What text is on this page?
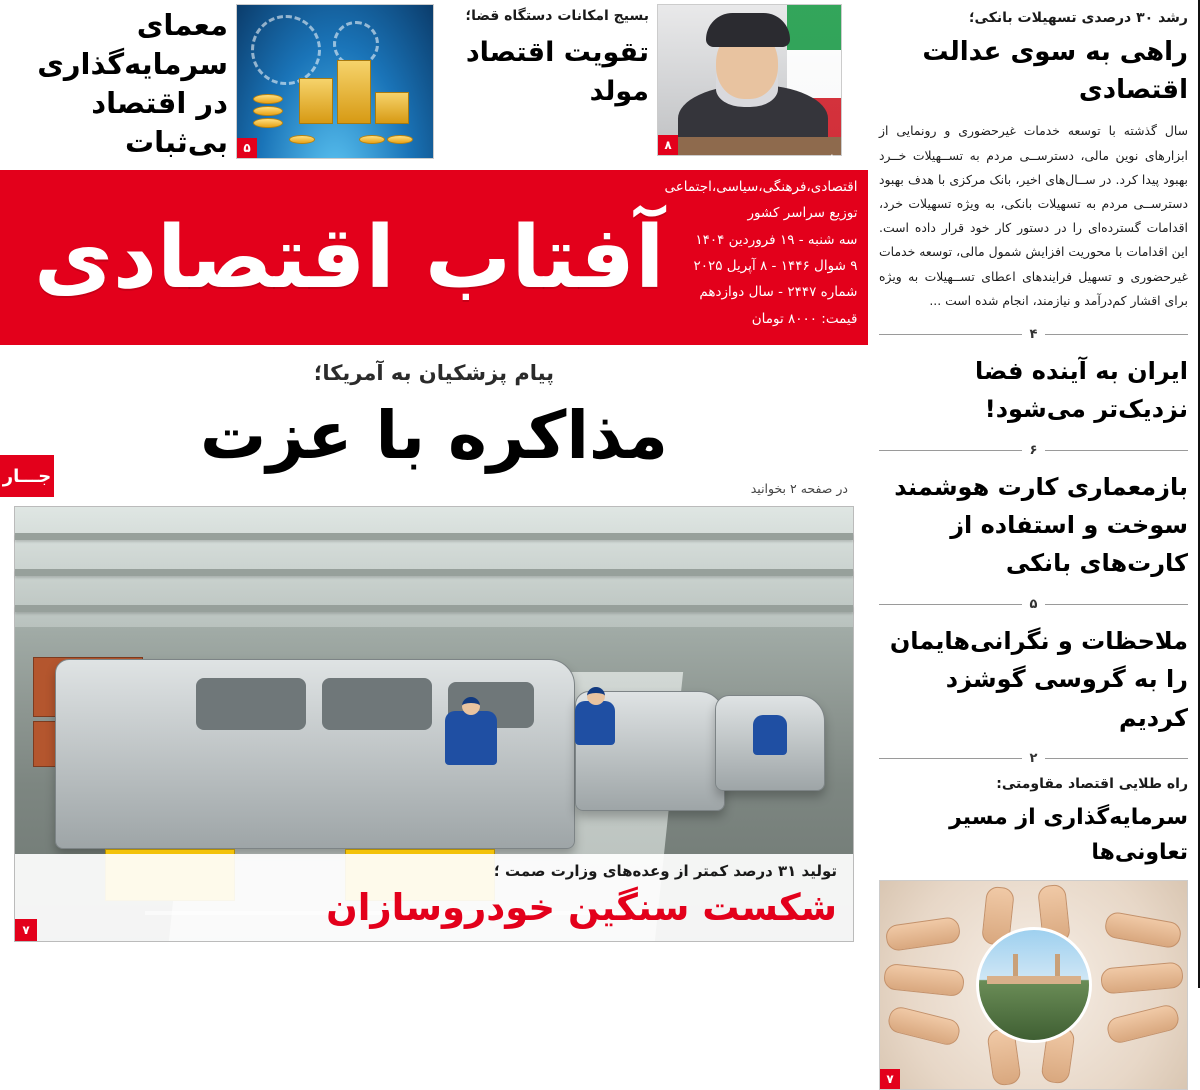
معمای سرمایه‌گذاری در اقتصاد بی‌ثبات	۵
بسیج امکانات دستگاه قضا؛
تقویت اقتصاد مولد
۸
آفتاب اقتصادی
روزنامه اقتصادی،فرهنگی،سیاسی،اجتماعی
توزیع سراسر کشور
سه شنبه - ۱۹ فروردین ۱۴۰۴
۹ شوال ۱۴۴۶ - ۸ آپریل ۲۰۲۵
شماره ۲۴۴۷ - سال دوازدهم
قیمت: ۸۰۰۰ تومان
aftabeghtesadi24.ir
پیام پزشکیان به آمریکا؛
مذاکره با عزت
در صفحه ۲ بخوانید
جـــار
تولید ۳۱ درصد کمتر از وعده‌های وزارت صمت ؛
شکست سنگین خودروسازان
۷
رشد ۳۰ درصدی تسهیلات بانکی؛
راهی به سوی عدالت اقتصادی
سال گذشته با توسعه خدمات غیرحضوری و رونمایی از ابزارهای نوین مالی، دسترســی مردم به تســهیلات خــرد بهبود پیدا کرد. در ســال‌های اخیر، بانک مرکزی با هدف بهبود دسترســی مردم به تسهیلات بانکی، به ویژه تسهیلات خرد، اقدامات گسترده‌ای را در دستور کار خود قرار داده است. این اقدامات با محوریت افزایش شمول مالی، توسعه خدمات غیرحضوری و تسهیل فرایندهای اعطای تســهیلات به ویژه برای اقشار کم‌درآمد و نیازمند، انجام شده است ...
۴
ایران به آینده فضا نزدیک‌تر می‌شود!
۶
بازمعماری کارت هوشمند سوخت و استفاده از کارت‌های بانکی
۵
ملاحظات و نگرانی‌هایمان را به گروسی گوشزد کردیم
۲
راه طلایی اقتصاد مقاومتی:
سرمایه‌گذاری از مسیر تعاونی‌ها
۷
